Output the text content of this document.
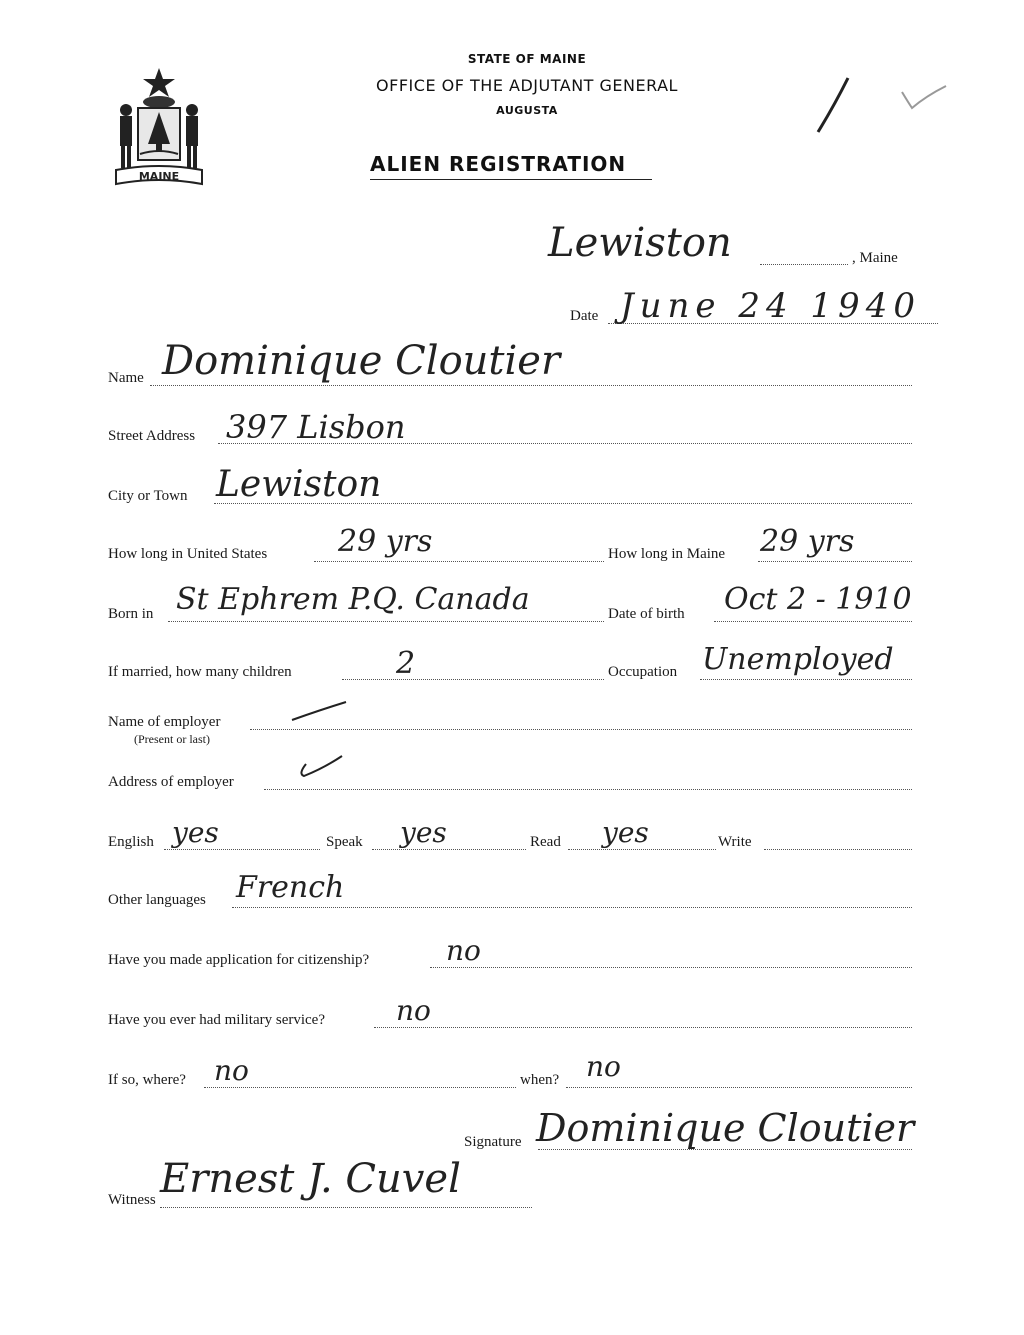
MAINE
STATE OF MAINE
OFFICE OF THE ADJUTANT GENERAL
AUGUSTA
ALIEN REGISTRATION
Lewiston	, Maine
Date June 24 1940
Name Dominique Cloutier
Street Address 397 Lisbon
City or Town Lewiston
How long in United States 29 yrs	How long in Maine 29 yrs
Born in St Ephrem P.Q. Canada	Date of birth Oct 2 - 1910
If married, how many children	2	Occupation Unemployed
Name of employer
(Present or last)
Address of employer
English yes	Speak yes	Read yes	Write
Other languages French
Have you made application for citizenship?	no
Have you ever had military service?	no
If so, where? no	when? no
Signature Dominique Cloutier
Witness Ernest J. Cuvel
